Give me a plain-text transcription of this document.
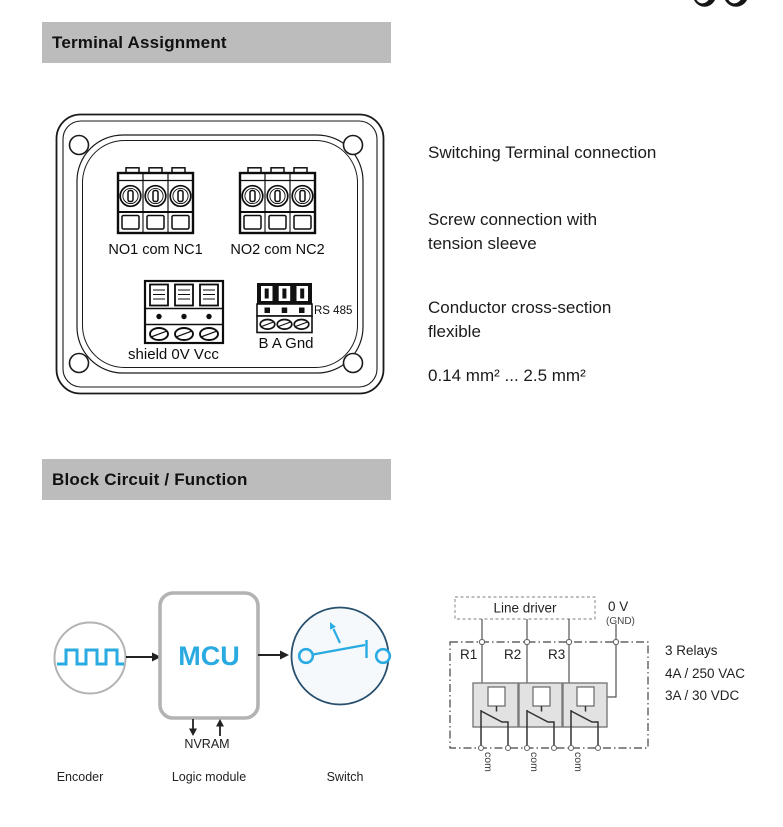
Terminal Assignment
NO1 com NC1 NO2 com NC2
shield 0V Vcc
B A Gnd
RS 485
Switching Terminal connection
Screw connection with
tension sleeve
Conductor cross-section
flexible
0.14 mm² ... 2.5 mm²
Block Circuit / Function
MCU
NVRAM
Encoder	Logic module	Switch
Line driver	0 V
(GND)
R1 R2 R3
com	com	com
3 Relays
4A / 250 VAC
3A / 30 VDC
